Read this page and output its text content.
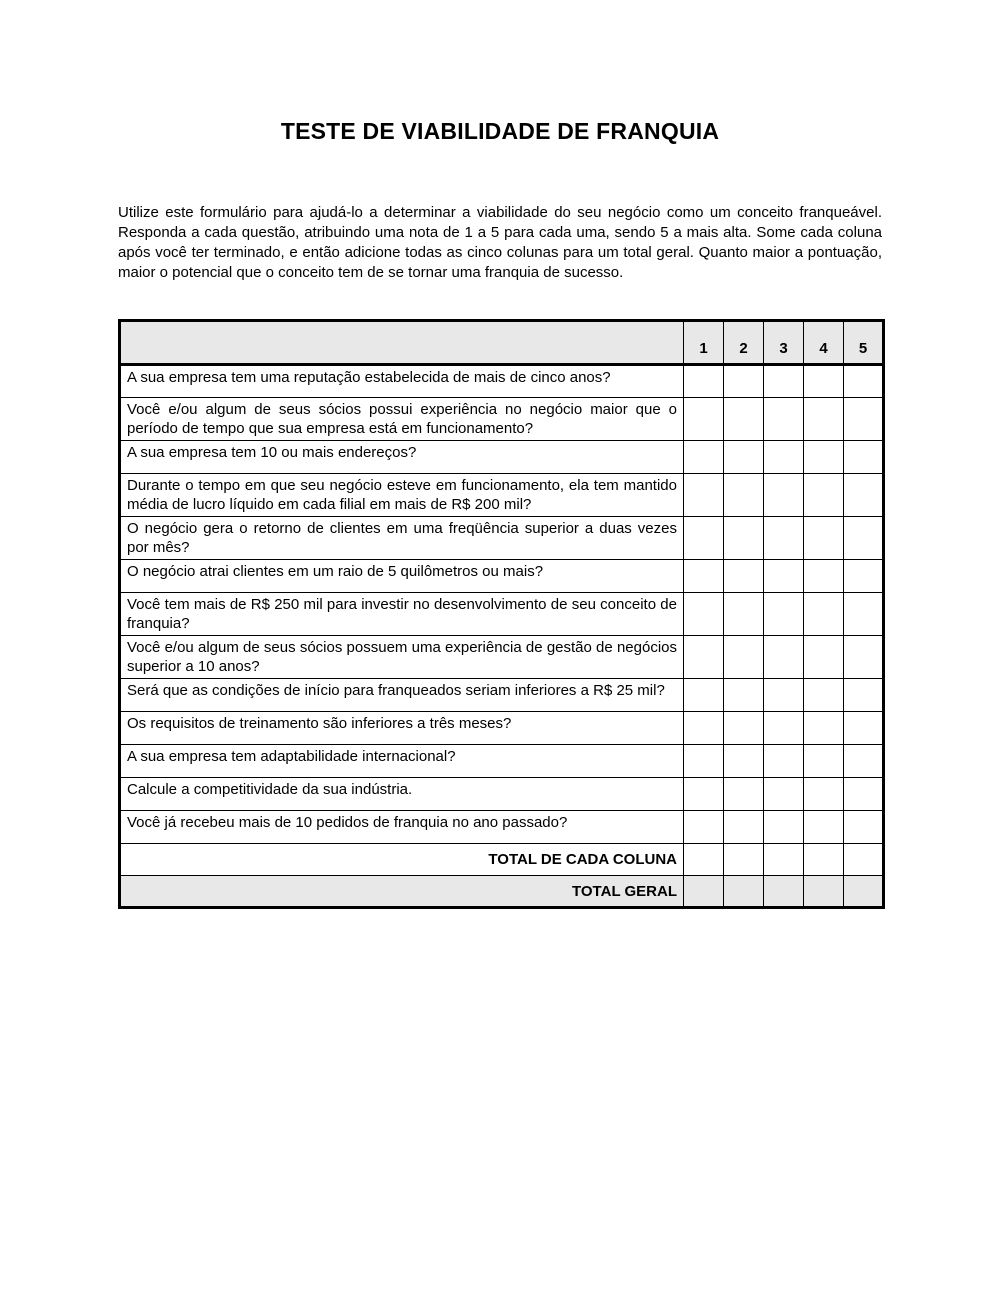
TESTE DE VIABILIDADE DE FRANQUIA

Utilize este formulário para ajudá-lo a determinar a viabilidade do seu negócio como um conceito franqueável. Responda a cada questão, atribuindo uma nota de 1 a 5 para cada uma, sendo 5 a mais alta. Some cada coluna após você ter terminado, e então adicione todas as cinco colunas para um total geral. Quanto maior a pontuação, maior o potencial que o conceito tem de se tornar uma franquia de sucesso.

	1	2	3	4	5
A sua empresa tem uma reputação estabelecida de mais de cinco anos?					
Você e/ou algum de seus sócios possui experiência no negócio maior que o período de tempo que sua empresa está em funcionamento?					
A sua empresa tem 10 ou mais endereços?					
Durante o tempo em que seu negócio esteve em funcionamento, ela tem mantido média de lucro líquido em cada filial em mais de R$ 200 mil?					
O negócio gera o retorno de clientes em uma freqüência superior a duas vezes por mês?					
O negócio atrai clientes em um raio de 5 quilômetros ou mais?					
Você tem mais de R$ 250 mil para investir no desenvolvimento de seu conceito de franquia?					
Você e/ou algum de seus sócios possuem uma experiência de gestão de negócios superior a 10 anos?					
Será que as condições de início para franqueados seriam inferiores a R$ 25 mil?					
Os requisitos de treinamento são inferiores a três meses?					
A sua empresa tem adaptabilidade internacional?					
Calcule a competitividade da sua indústria.					
Você já recebeu mais de 10 pedidos de franquia no ano passado?					
TOTAL DE CADA COLUNA					
TOTAL GERAL					
